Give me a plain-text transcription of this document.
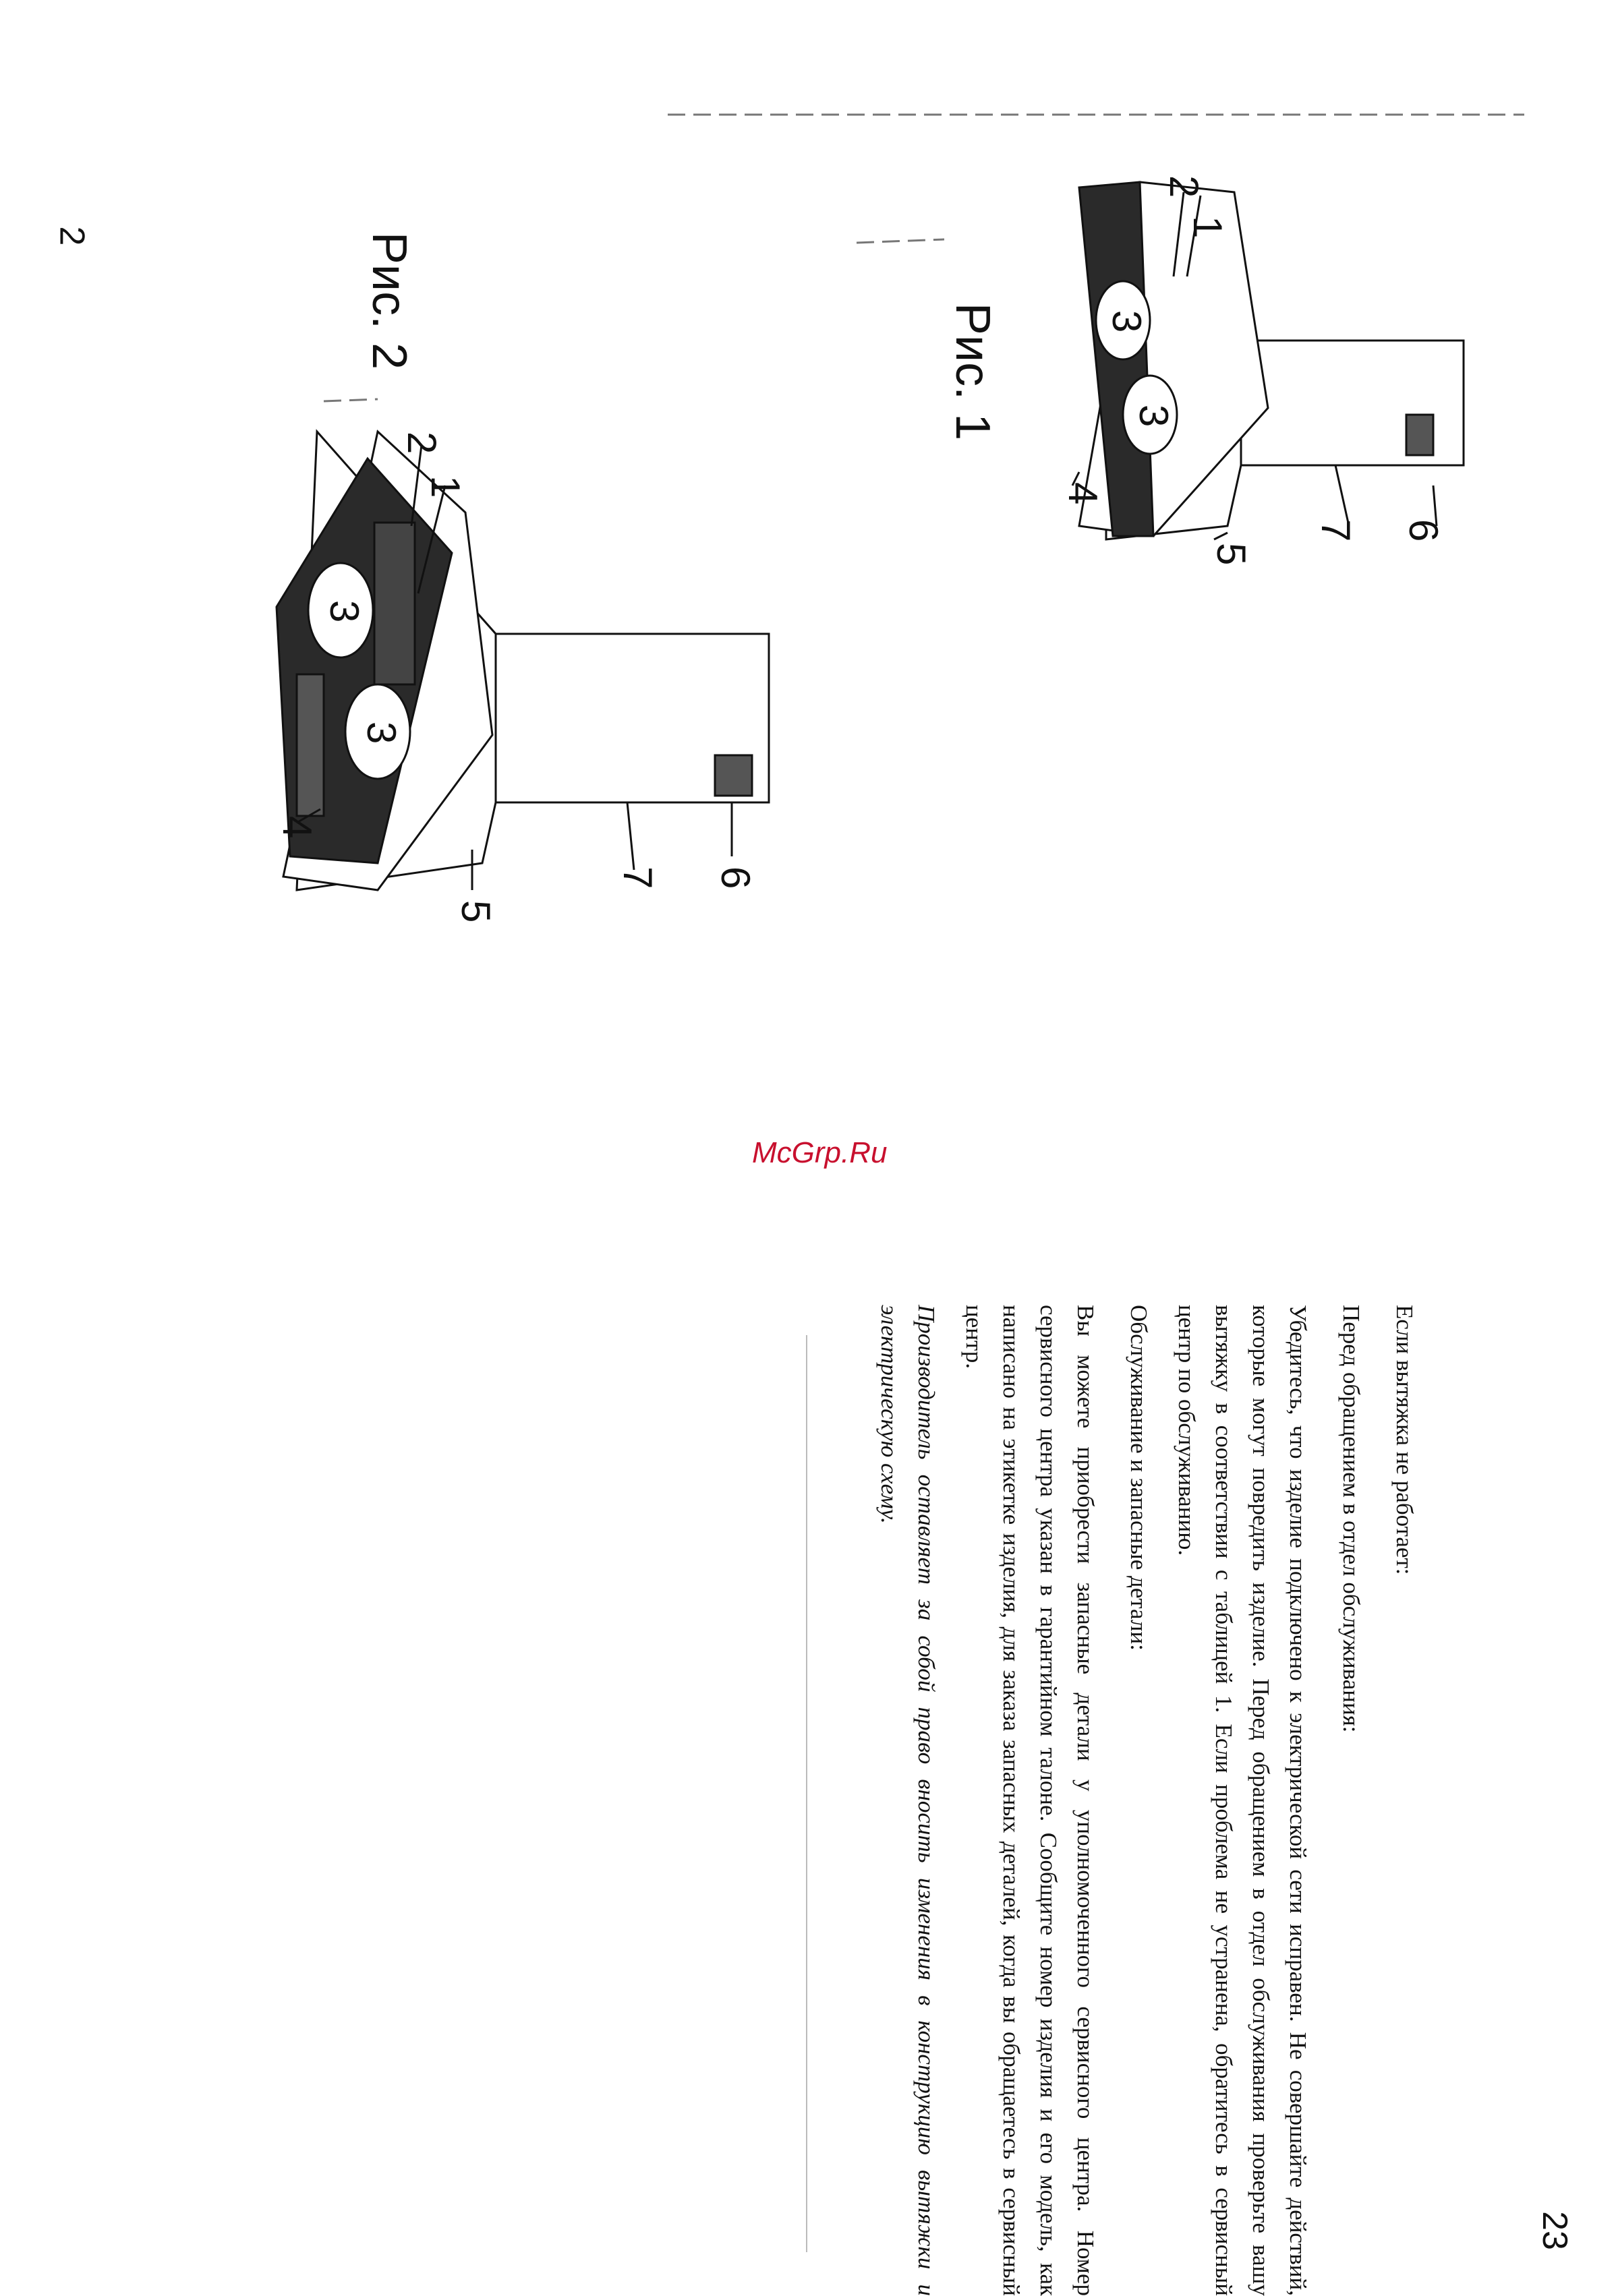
2
23
2
1
3
3
4
5
6
7
2
1
3
3
4
5
6
7
Рис. 1
Рис. 2
McGrp.Ru

Если вытяжка не работает:

Перед обращением в отдел обслуживания:

Убедитесь, что изделие подключено к электрической сети исправен. Не совершайте действий, которые могут повредить изделие. Перед обращением в отдел обслуживания проверьте вашу вытяжку в соответствии с таблицей 1. Если проблема не устранена, обратитесь в сервисный центр по обслуживанию.

Обслуживание и запасные детали:

Вы можете приобрести запасные детали у уполномоченного сервисного центра. Номер сервисного центра указан в гарантийном талоне. Сообщите номер изделия и его модель, как написано на этикетке изделия, для заказа запасных деталей, когда вы обращаетесь в сервисный центр.

Производитель оставляет за собой право вносить изменения в конструкцию вытяжки и электрическую схему.
